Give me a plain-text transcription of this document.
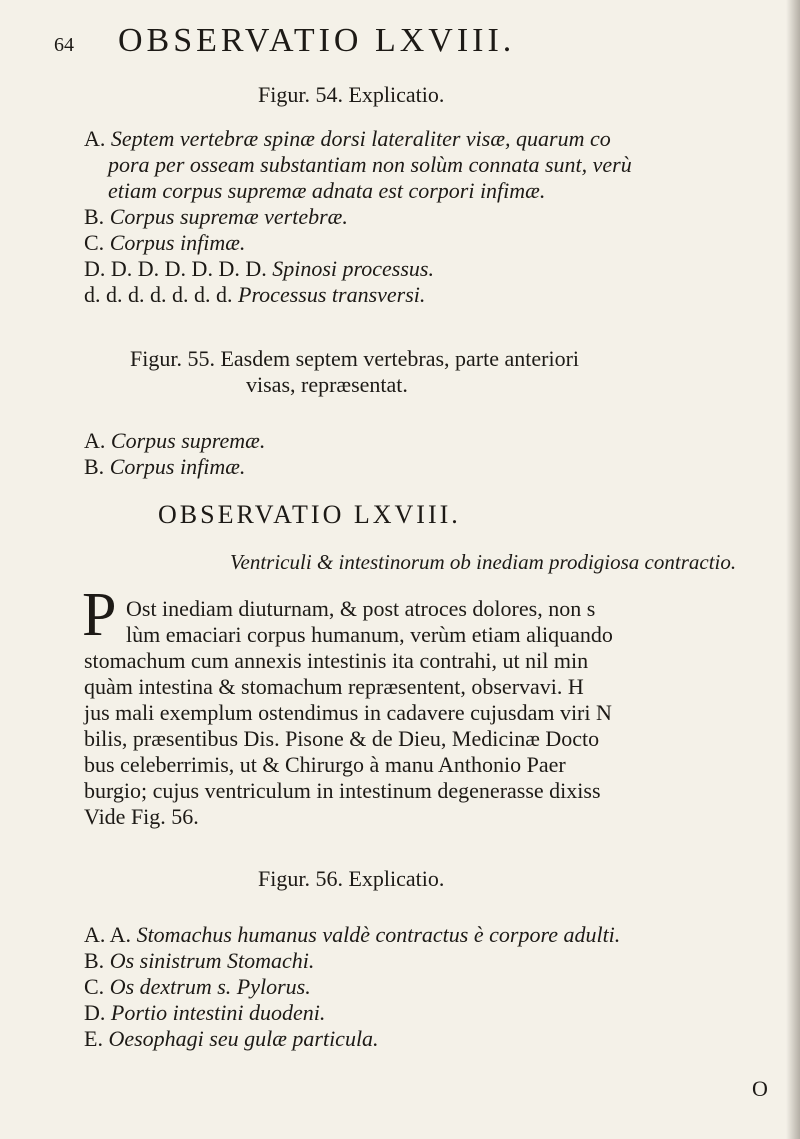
64 OBSERVATIO LXVIII.
Figur. 54. Explicatio.
A. Septem vertebræ spinæ dorsi lateraliter visæ, quarum co
pora per osseam substantiam non solùm connata sunt, verù
etiam corpus supremæ adnata est corpori infimæ.
B. Corpus supremæ vertebræ.
C. Corpus infimæ.
D. D. D. D. D. D. D. Spinosi processus.
d. d. d. d. d. d. d. Processus transversi.
Figur. 55. Easdem septem vertebras, parte anteriori
visas, repræsentat.
A. Corpus supremæ.
B. Corpus infimæ.
OBSERVATIO LXVIII.
Ventriculi & intestinorum ob inediam prodigiosa contractio.
P Ost inediam diuturnam, & post atroces dolores, non s
lùm emaciari corpus humanum, verùm etiam aliquando
stomachum cum annexis intestinis ita contrahi, ut nil min
quàm intestina & stomachum repræsentent, observavi. H
jus mali exemplum ostendimus in cadavere cujusdam viri N
bilis, præsentibus Dis. Pisone & de Dieu, Medicinæ Docto
bus celeberrimis, ut & Chirurgo à manu Anthonio Paer
burgio; cujus ventriculum in intestinum degenerasse dixiss
Vide Fig. 56.
Figur. 56. Explicatio.
A. A. Stomachus humanus valdè contractus è corpore adulti.
B. Os sinistrum Stomachi.
C. Os dextrum s. Pylorus.
D. Portio intestini duodeni.
E. Oesophagi seu gulæ particula.
O
